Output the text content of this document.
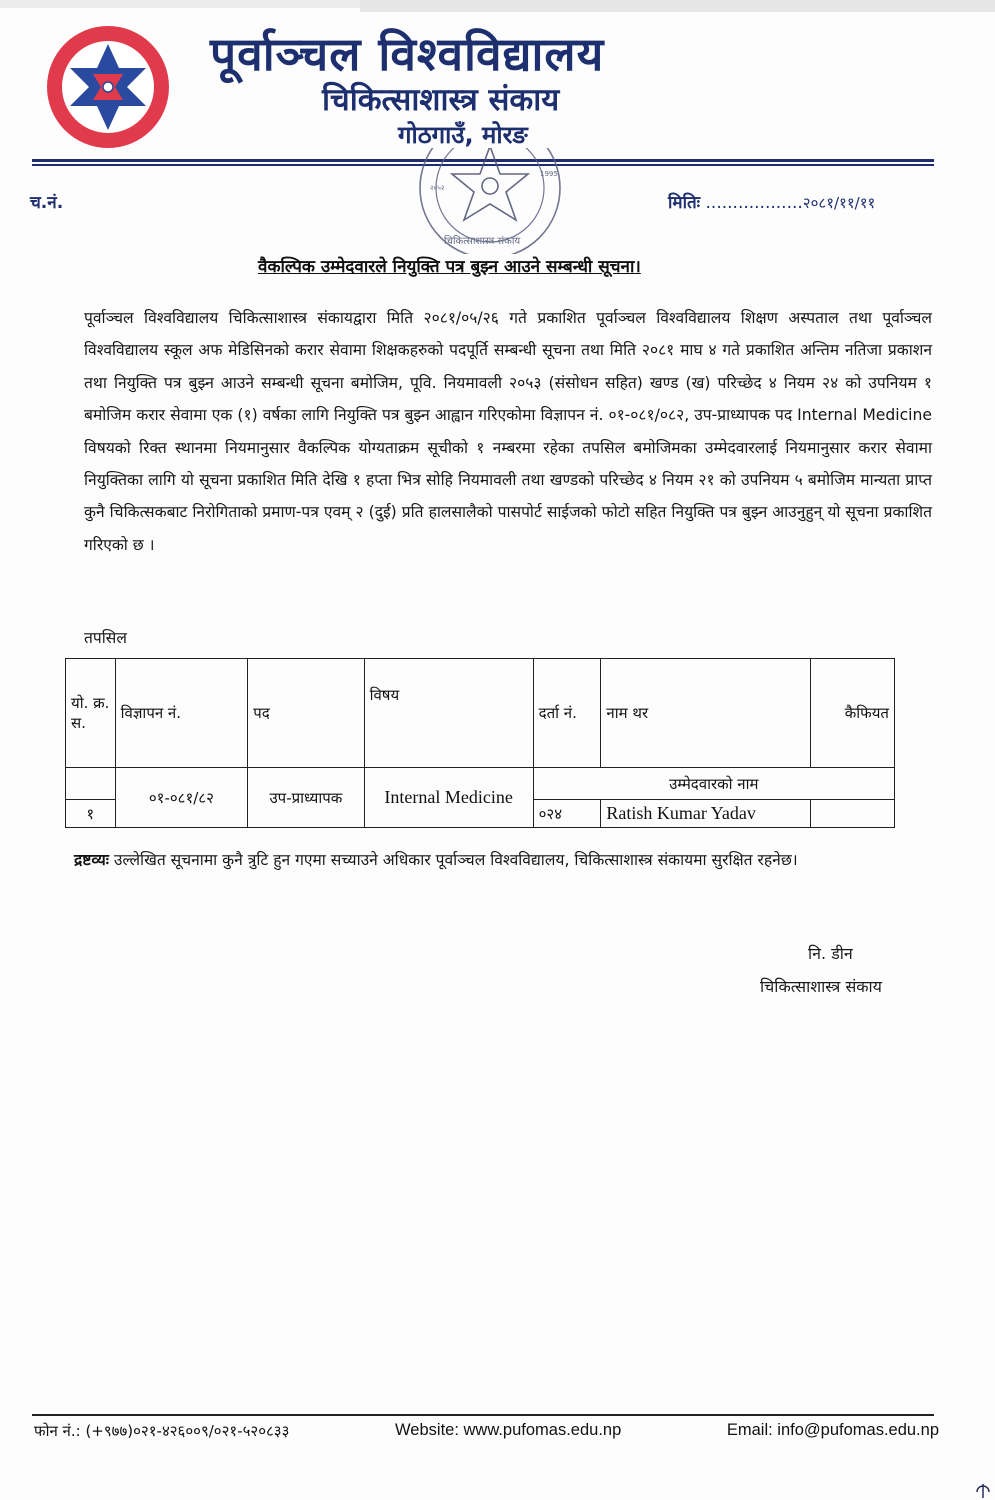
पूर्वाञ्चल विश्वविद्यालय
चिकित्साशास्त्र संकाय
गोठगाउँ, मोरङ
२०५२
1995
चिकित्साशास्त्र संकाय
च.नं.	मितिः ..................२०८१/११/११
वैकल्पिक उम्मेदवारले नियुक्ति पत्र बुझ्न आउने सम्बन्धी सूचना।
पूर्वाञ्चल विश्वविद्यालय चिकित्साशास्त्र संकायद्वारा मिति २०८१/०५/२६ गते प्रकाशित पूर्वाञ्चल विश्वविद्यालय शिक्षण अस्पताल तथा पूर्वाञ्चल विश्वविद्यालय स्कूल अफ मेडिसिनको करार सेवामा शिक्षकहरुको पदपूर्ति सम्बन्धी सूचना तथा मिति २०८१ माघ ४ गते प्रकाशित अन्तिम नतिजा प्रकाशन तथा नियुक्ति पत्र बुझ्न आउने सम्बन्धी सूचना बमोजिम, पूवि. नियमावली २०५३ (संसोधन सहित) खण्ड (ख) परिच्छेद ४ नियम २४ को उपनियम १ बमोजिम करार सेवामा एक (१) वर्षका लागि नियुक्ति पत्र बुझ्न आह्वान गरिएकोमा विज्ञापन नं. ०१-०८१/०८२, उप-प्राध्यापक पद Internal Medicine विषयको रिक्त स्थानमा नियमानुसार वैकल्पिक योग्यताक्रम सूचीको १ नम्बरमा रहेका तपसिल बमोजिमका उम्मेदवारलाई नियमानुसार करार सेवामा नियुक्तिका लागि यो सूचना प्रकाशित मिति देखि १ हप्ता भित्र सोहि नियमावली तथा खण्डको परिच्छेद ४ नियम २१ को उपनियम ५ बमोजिम मान्यता प्राप्त कुनै चिकित्सकबाट निरोगिताको प्रमाण-पत्र एवम् २ (दुई) प्रति हालसालैको पासपोर्ट साईजको फोटो सहित नियुक्ति पत्र बुझ्न आउनुहुन् यो सूचना प्रकाशित गरिएको छ ।
तपसिल
यो. क्र. स.	विज्ञापन नं.	पद	विषय	दर्ता नं.	नाम थर	कैफियत
	०१-०८१/८२	उप-प्राध्यापक	Internal Medicine	उम्मेदवारको नाम		
१				०२४	Ratish Kumar Yadav	
द्रष्टव्यः उल्लेखित सूचनामा कुनै त्रुटि हुन गएमा सच्याउने अधिकार पूर्वाञ्चल विश्वविद्यालय, चिकित्साशास्त्र संकायमा सुरक्षित रहनेछ।
नि. डीन
चिकित्साशास्त्र संकाय
फोन नं.: (+९७७)०२१-४२६००९/०२१-५२०८३३	Website: www.pufomas.edu.np	Email: info@pufomas.edu.np
